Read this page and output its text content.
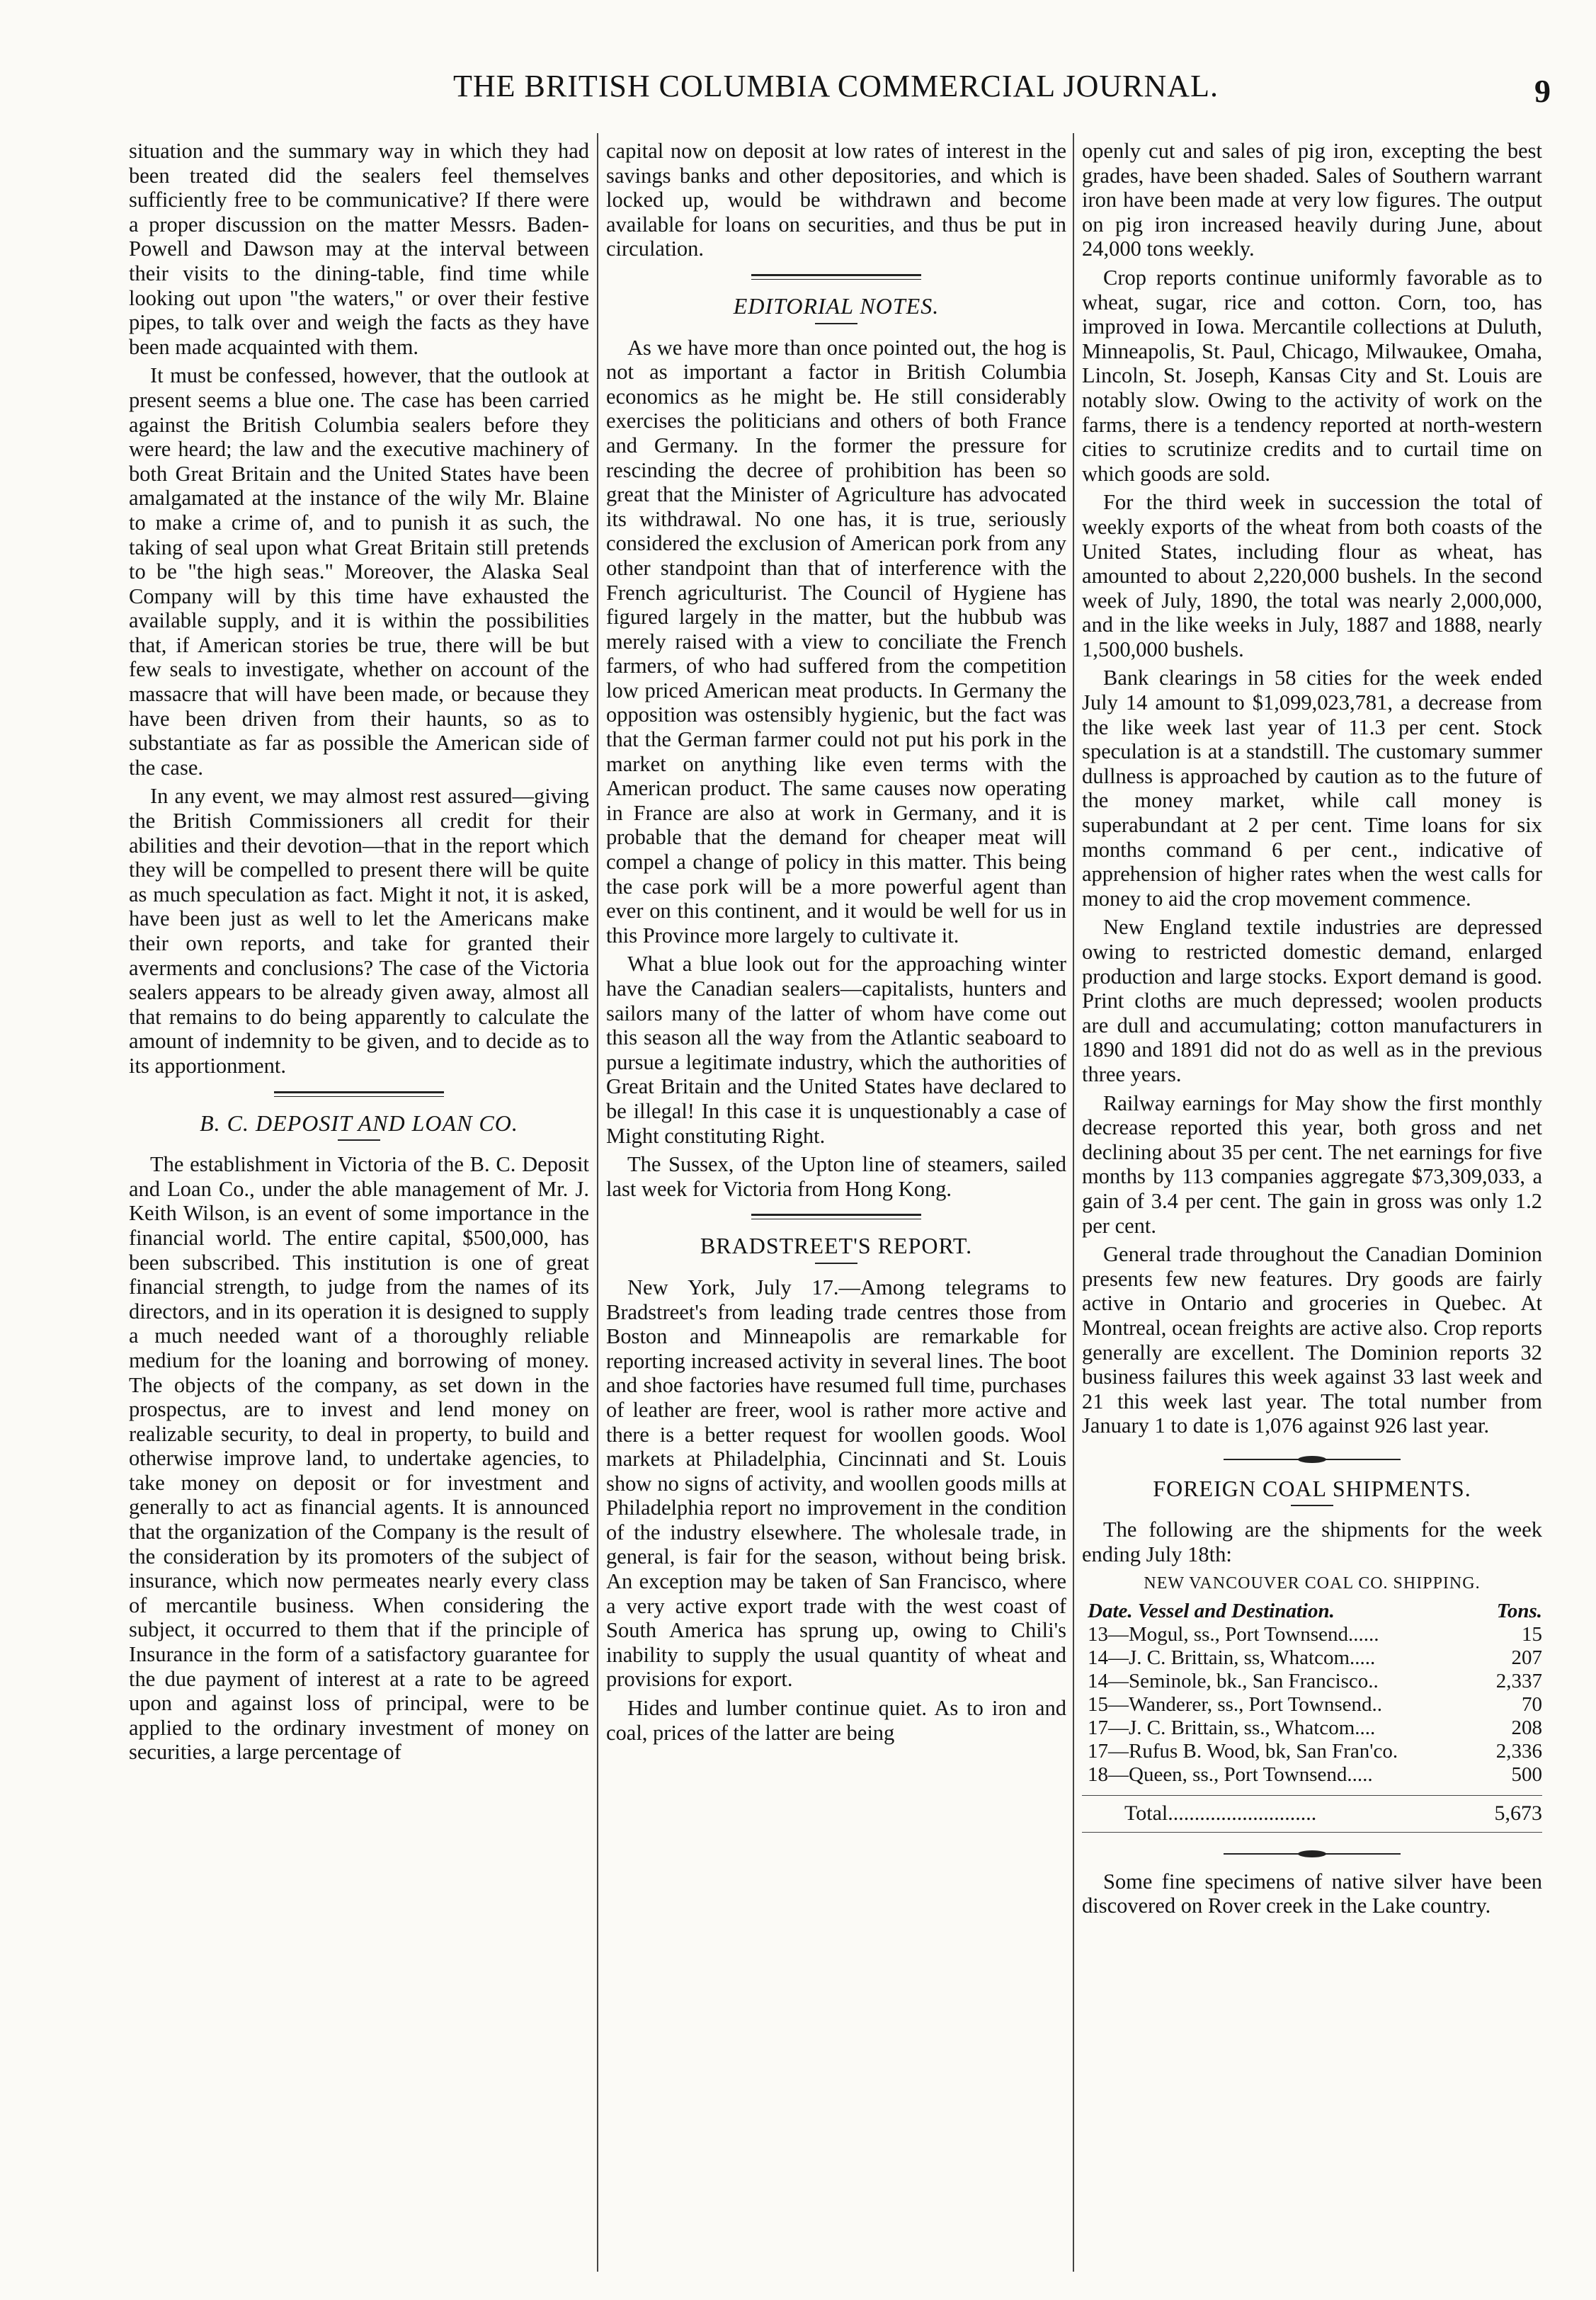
THE BRITISH COLUMBIA COMMERCIAL JOURNAL.	9

situation and the summary way in which they had been treated did the sealers feel themselves sufficiently free to be communicative? If there were a proper discussion on the matter Messrs. Baden-Powell and Dawson may at the interval between their visits to the dining-table, find time while looking out upon "the waters," or over their festive pipes, to talk over and weigh the facts as they have been made acquainted with them.

It must be confessed, however, that the outlook at present seems a blue one. The case has been carried against the British Columbia sealers before they were heard; the law and the executive machinery of both Great Britain and the United States have been amalgamated at the instance of the wily Mr. Blaine to make a crime of, and to punish it as such, the taking of seal upon what Great Britain still pretends to be "the high seas." Moreover, the Alaska Seal Company will by this time have exhausted the available supply, and it is within the possibilities that, if American stories be true, there will be but few seals to investigate, whether on account of the massacre that will have been made, or because they have been driven from their haunts, so as to substantiate as far as possible the American side of the case.

In any event, we may almost rest assured—giving the British Commissioners all credit for their abilities and their devotion—that in the report which they will be compelled to present there will be quite as much speculation as fact. Might it not, it is asked, have been just as well to let the Americans make their own reports, and take for granted their averments and conclusions? The case of the Victoria sealers appears to be already given away, almost all that remains to do being apparently to calculate the amount of indemnity to be given, and to decide as to its apportionment.

B. C. DEPOSIT AND LOAN CO.

The establishment in Victoria of the B. C. Deposit and Loan Co., under the able management of Mr. J. Keith Wilson, is an event of some importance in the financial world. The entire capital, $500,000, has been subscribed. This institution is one of great financial strength, to judge from the names of its directors, and in its operation it is designed to supply a much needed want of a thoroughly reliable medium for the loaning and borrowing of money. The objects of the company, as set down in the prospectus, are to invest and lend money on realizable security, to deal in property, to build and otherwise improve land, to undertake agencies, to take money on deposit or for investment and generally to act as financial agents. It is announced that the organization of the Company is the result of the consideration by its promoters of the subject of insurance, which now permeates nearly every class of mercantile business. When considering the subject, it occurred to them that if the principle of Insurance in the form of a satisfactory guarantee for the due payment of interest at a rate to be agreed upon and against loss of principal, were to be applied to the ordinary investment of money on securities, a large percentage of

capital now on deposit at low rates of interest in the savings banks and other depositories, and which is locked up, would be withdrawn and become available for loans on securities, and thus be put in circulation.

EDITORIAL NOTES.

As we have more than once pointed out, the hog is not as important a factor in British Columbia economics as he might be. He still considerably exercises the politicians and others of both France and Germany. In the former the pressure for rescinding the decree of prohibition has been so great that the Minister of Agriculture has advocated its withdrawal. No one has, it is true, seriously considered the exclusion of American pork from any other standpoint than that of interference with the French agriculturist. The Council of Hygiene has figured largely in the matter, but the hubbub was merely raised with a view to conciliate the French farmers, of who had suffered from the competition low priced American meat products. In Germany the opposition was ostensibly hygienic, but the fact was that the German farmer could not put his pork in the market on anything like even terms with the American product. The same causes now operating in France are also at work in Germany, and it is probable that the demand for cheaper meat will compel a change of policy in this matter. This being the case pork will be a more powerful agent than ever on this continent, and it would be well for us in this Province more largely to cultivate it.

What a blue look out for the approaching winter have the Canadian sealers—capitalists, hunters and sailors many of the latter of whom have come out this season all the way from the Atlantic seaboard to pursue a legitimate industry, which the authorities of Great Britain and the United States have declared to be illegal! In this case it is unquestionably a case of Might constituting Right.

The Sussex, of the Upton line of steamers, sailed last week for Victoria from Hong Kong.

BRADSTREET'S REPORT.

New York, July 17.—Among telegrams to Bradstreet's from leading trade centres those from Boston and Minneapolis are remarkable for reporting increased activity in several lines. The boot and shoe factories have resumed full time, purchases of leather are freer, wool is rather more active and there is a better request for woollen goods. Wool markets at Philadelphia, Cincinnati and St. Louis show no signs of activity, and woollen goods mills at Philadelphia report no improvement in the condition of the industry elsewhere. The wholesale trade, in general, is fair for the season, without being brisk. An exception may be taken of San Francisco, where a very active export trade with the west coast of South America has sprung up, owing to Chili's inability to supply the usual quantity of wheat and provisions for export.

Hides and lumber continue quiet. As to iron and coal, prices of the latter are being

openly cut and sales of pig iron, excepting the best grades, have been shaded. Sales of Southern warrant iron have been made at very low figures. The output on pig iron increased heavily during June, about 24,000 tons weekly.

Crop reports continue uniformly favorable as to wheat, sugar, rice and cotton. Corn, too, has improved in Iowa. Mercantile collections at Duluth, Minneapolis, St. Paul, Chicago, Milwaukee, Omaha, Lincoln, St. Joseph, Kansas City and St. Louis are notably slow. Owing to the activity of work on the farms, there is a tendency reported at north-western cities to scrutinize credits and to curtail time on which goods are sold.

For the third week in succession the total of weekly exports of the wheat from both coasts of the United States, including flour as wheat, has amounted to about 2,220,000 bushels. In the second week of July, 1890, the total was nearly 2,000,000, and in the like weeks in July, 1887 and 1888, nearly 1,500,000 bushels.

Bank clearings in 58 cities for the week ended July 14 amount to $1,099,023,781, a decrease from the like week last year of 11.3 per cent. Stock speculation is at a standstill. The customary summer dullness is approached by caution as to the future of the money market, while call money is superabundant at 2 per cent. Time loans for six months command 6 per cent., indicative of apprehension of higher rates when the west calls for money to aid the crop movement commence.

New England textile industries are depressed owing to restricted domestic demand, enlarged production and large stocks. Export demand is good. Print cloths are much depressed; woolen products are dull and accumulating; cotton manufacturers in 1890 and 1891 did not do as well as in the previous three years.

Railway earnings for May show the first monthly decrease reported this year, both gross and net declining about 35 per cent. The net earnings for five months by 113 companies aggregate $73,309,033, a gain of 3.4 per cent. The gain in gross was only 1.2 per cent.

General trade throughout the Canadian Dominion presents few new features. Dry goods are fairly active in Ontario and groceries in Quebec. At Montreal, ocean freights are active also. Crop reports generally are excellent. The Dominion reports 32 business failures this week against 33 last week and 21 this week last year. The total number from January 1 to date is 1,076 against 926 last year.

FOREIGN COAL SHIPMENTS.

The following are the shipments for the week ending July 18th:

NEW VANCOUVER COAL CO. SHIPPING.
Date. Vessel and Destination.	Tons.
13—Mogul, ss., Port Townsend......	15
14—J. C. Brittain, ss, Whatcom.....	207
14—Seminole, bk., San Francisco..	2,337
15—Wanderer, ss., Port Townsend..	70
17—J. C. Brittain, ss., Whatcom....	208
17—Rufus B. Wood, bk, San Fran'co.	2,336
18—Queen, ss., Port Townsend.....	500
Total............................	5,673

Some fine specimens of native silver have been discovered on Rover creek in the Lake country.
